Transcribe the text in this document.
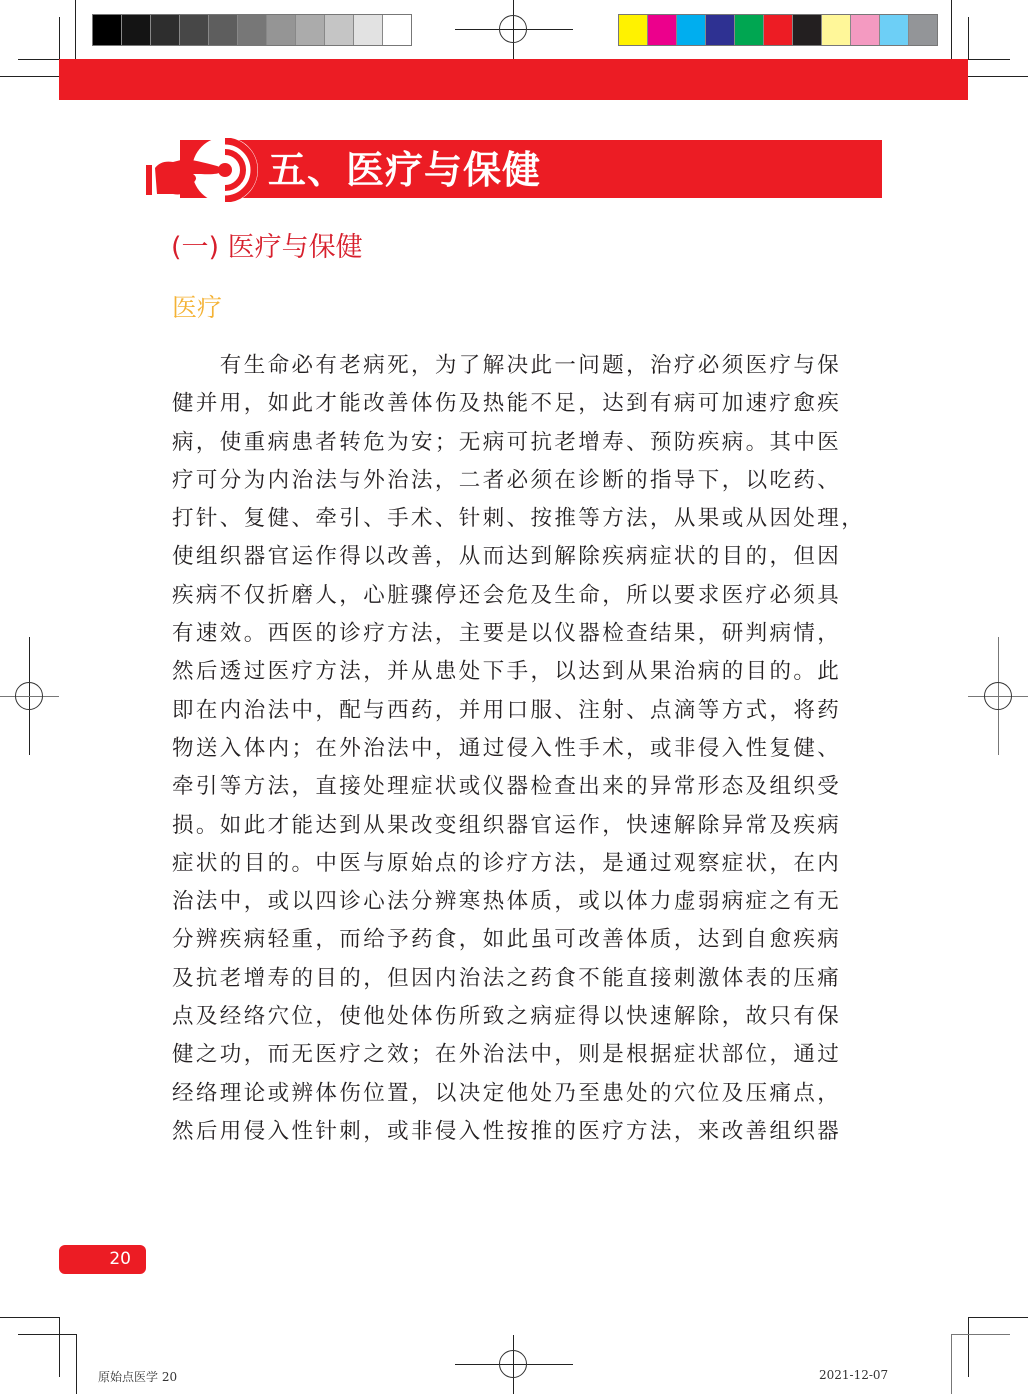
五、医疗与保健
(一) 医疗与保健
医疗
　　有生命必有老病死，为了解决此一问题，治疗必须医疗与保
健并用，如此才能改善体伤及热能不足，达到有病可加速疗愈疾
病，使重病患者转危为安；无病可抗老增寿、预防疾病。其中医
疗可分为内治法与外治法，二者必须在诊断的指导下，以吃药、
打针、复健、牵引、手术、针刺、按推等方法，从果或从因处理，
使组织器官运作得以改善，从而达到解除疾病症状的目的，但因
疾病不仅折磨人，心脏骤停还会危及生命，所以要求医疗必须具
有速效。西医的诊疗方法，主要是以仪器检查结果，研判病情，
然后透过医疗方法，并从患处下手，以达到从果治病的目的。此
即在内治法中，配与西药，并用口服、注射、点滴等方式，将药
物送入体内；在外治法中，通过侵入性手术，或非侵入性复健、
牵引等方法，直接处理症状或仪器检查出来的异常形态及组织受
损。如此才能达到从果改变组织器官运作，快速解除异常及疾病
症状的目的。中医与原始点的诊疗方法，是通过观察症状，在内
治法中，或以四诊心法分辨寒热体质，或以体力虚弱病症之有无
分辨疾病轻重，而给予药食，如此虽可改善体质，达到自愈疾病
及抗老增寿的目的，但因内治法之药食不能直接刺激体表的压痛
点及经络穴位，使他处体伤所致之病症得以快速解除，故只有保
健之功，而无医疗之效；在外治法中，则是根据症状部位，通过
经络理论或辨体伤位置，以决定他处乃至患处的穴位及压痛点，
然后用侵入性针刺，或非侵入性按推的医疗方法，来改善组织器
20
原始点医学 20	2021-12-07
